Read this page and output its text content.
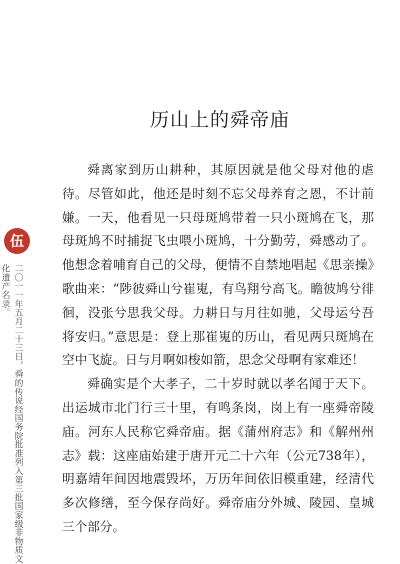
历山上的舜帝庙

舜离家到历山耕种，其原因就是他父母对他的虐待。尽管如此，他还是时刻不忘父母养育之恩，不计前嫌。一天，他看见一只母斑鸠带着一只小斑鸠在飞，那母斑鸠不时捕捉飞虫喂小斑鸠，十分勤劳，舜感动了。他想念着哺育自己的父母，便情不自禁地唱起《思亲操》歌曲来：“陟彼舜山兮崔嵬，有鸟翔兮高飞。瞻彼鸠兮徘徊，没张兮思我父母。力耕日与月往如驰，父母运兮吾将安归。”意思是：登上那崔嵬的历山，看见两只斑鸠在空中飞旋。日与月啊如梭如箭，思念父母啊有家难还！

舜确实是个大孝子，二十岁时就以孝名闻于天下。出运城市北门行三十里，有鸣条岗，岗上有一座舜帝陵庙。河东人民称它舜帝庙。据《蒲州府志》和《解州州志》载：这座庙始建于唐开元二十六年（公元738年），明嘉靖年间因地震毁坏，万历年间依旧模重建，经清代多次修缮，至今保存尚好。舜帝庙分外城、陵园、皇城三个部分。

伍
二〇一一年五月二十三日，舜的传说经国务院批准列入第三批国家级非物质文化遗产名录。
